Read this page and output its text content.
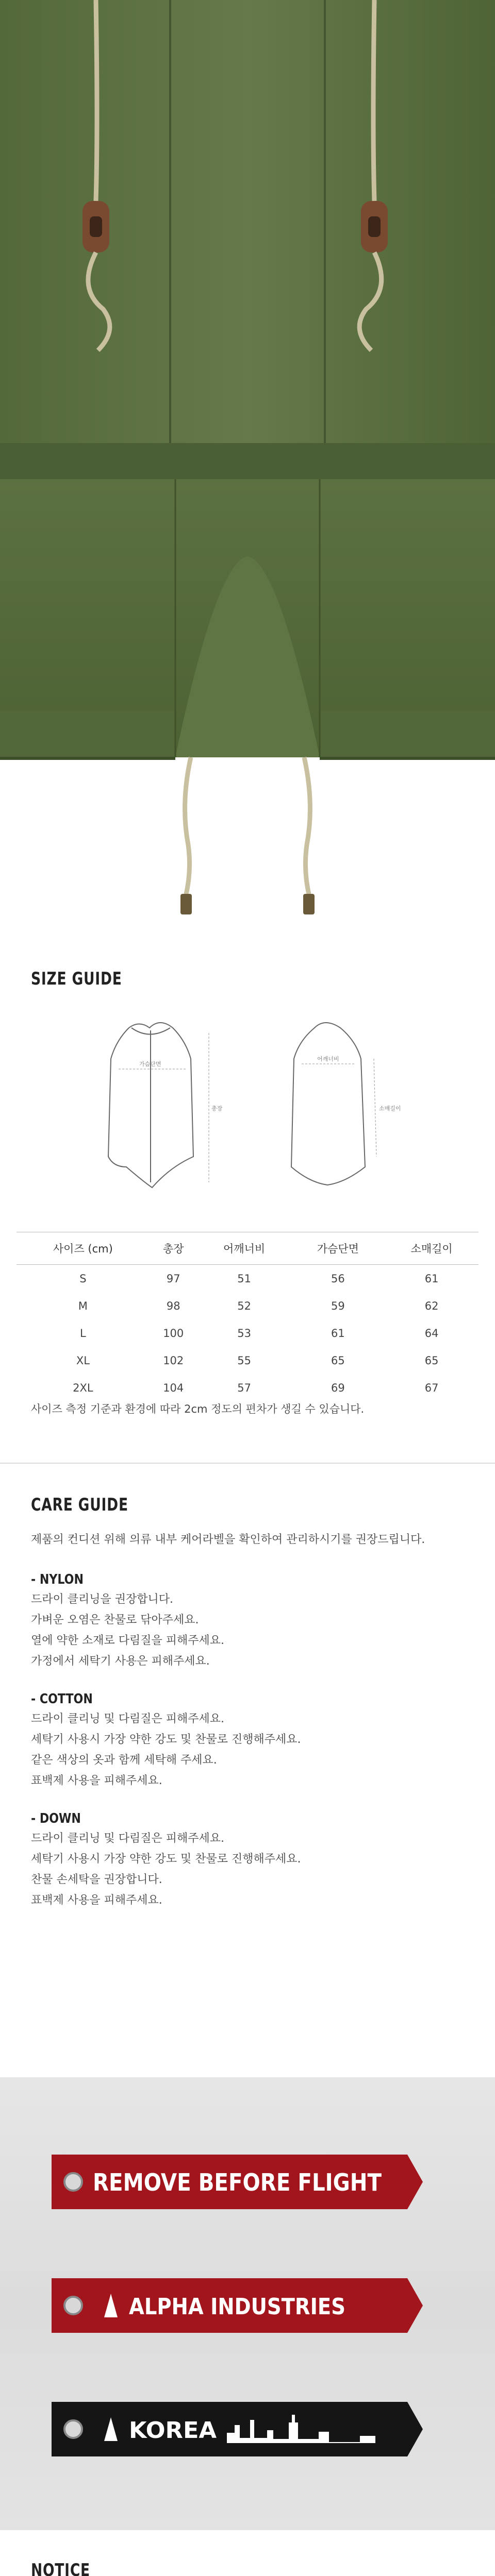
SIZE GUIDE
가슴단면
총장
어깨너비
소매길이
사이즈 (cm)	총장	어깨너비	가슴단면	소매길이
S	97	51	56	61
M	98	52	59	62
L	100	53	61	64
XL	102	55	65	65
2XL	104	57	69	67
사이즈 측정 기준과 환경에 따라 2cm 정도의 편차가 생길 수 있습니다.
CARE GUIDE
제품의 컨디션 위해 의류 내부 케어라벨을 확인하여 관리하시기를 권장드립니다.
- NYLON
드라이 클리닝을 권장합니다.
가벼운 오염은 찬물로 닦아주세요.
열에 약한 소재로 다림질을 피해주세요.
가정에서 세탁기 사용은 피해주세요.
- COTTON
드라이 클리닝 및 다림질은 피해주세요.
세탁기 사용시 가장 약한 강도 및 찬물로 진행해주세요.
같은 색상의 옷과 함께 세탁해 주세요.
표백제 사용을 피해주세요.
- DOWN
드라이 클리닝 및 다림질은 피해주세요.
세탁기 사용시 가장 약한 강도 및 찬물로 진행해주세요.
찬물 손세탁을 권장합니다.
표백제 사용을 피해주세요.
REMOVE BEFORE FLIGHT
ALPHA INDUSTRIES
KOREA
NOTICE
